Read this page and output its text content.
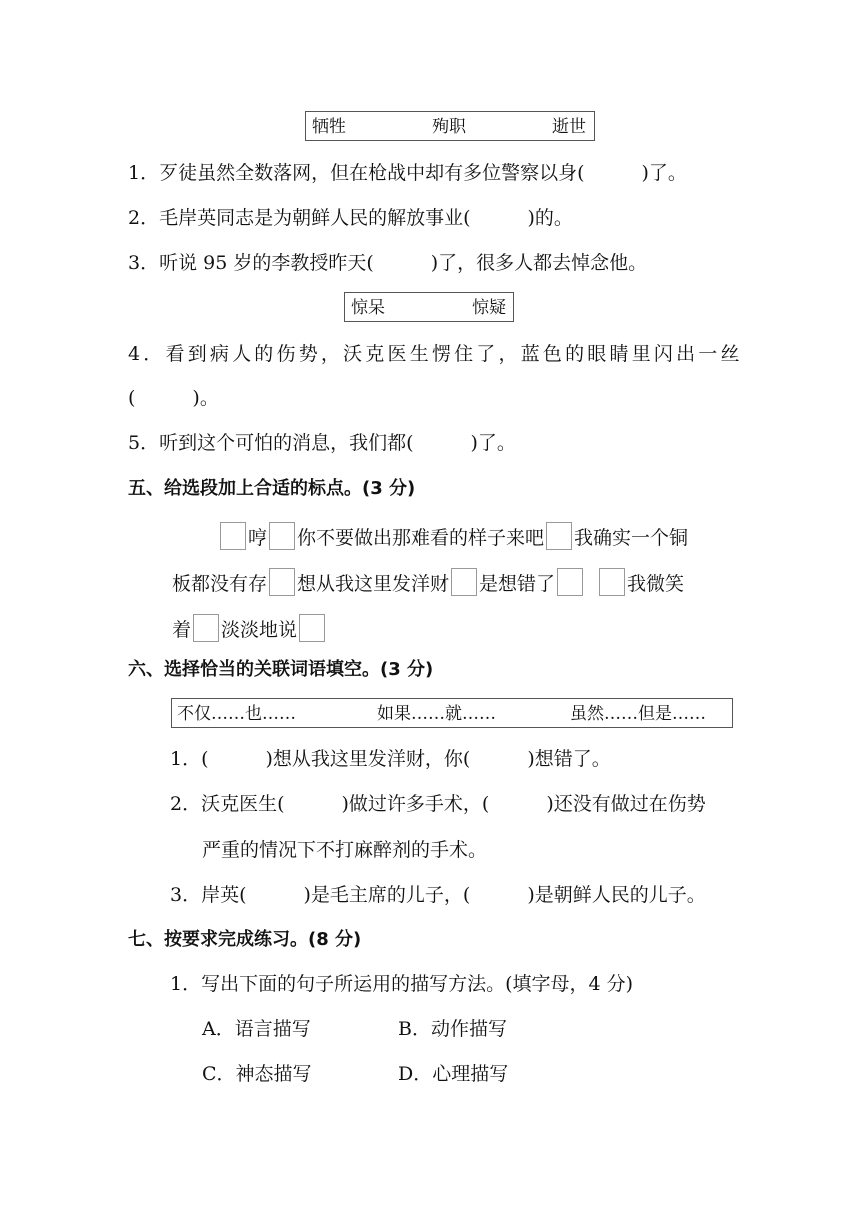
牺牲	殉职	逝世
1．歹徒虽然全数落网，但在枪战中却有多位警察以身(　　　)了。
2．毛岸英同志是为朝鲜人民的解放事业(　　　)的。
3．听说 95 岁的李教授昨天(　　　)了，很多人都去悼念他。
惊呆	惊疑
4．看到病人的伤势，沃克医生愣住了，蓝色的眼睛里闪出一丝
(　　　)。
5．听到这个可怕的消息，我们都(　　　)了。
五、给选段加上合适的标点。(3 分)
哼 你不要做出那难看的样子来吧 我确实一个铜
板都没有存 想从我这里发洋财 是想错了	我微笑
着 淡淡地说
六、选择恰当的关联词语填空。(3 分)
不仅……也……	如果……就……	虽然……但是……
1．(　　　)想从我这里发洋财，你(　　　)想错了。
2．沃克医生(　　　)做过许多手术，(　　　)还没有做过在伤势
严重的情况下不打麻醉剂的手术。
3．岸英(　　　)是毛主席的儿子，(　　　)是朝鲜人民的儿子。
七、按要求完成练习。(8 分)
1．写出下面的句子所运用的描写方法。(填字母，4 分)
A．语言描写	B．动作描写
C．神态描写	D．心理描写
